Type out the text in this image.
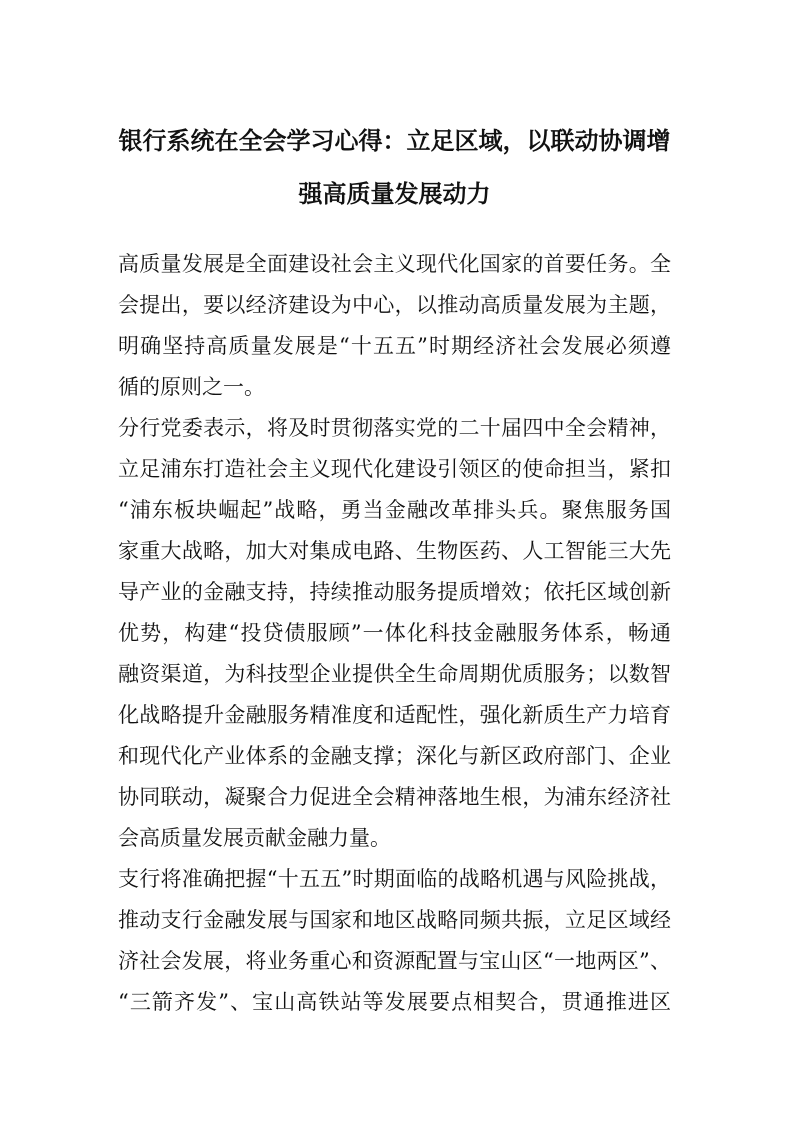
银行系统在全会学习心得：立足区域，以联动协调增
强高质量发展动力
高质量发展是全面建设社会主义现代化国家的首要任务。全
会提出，要以经济建设为中心，以推动高质量发展为主题，
明确坚持高质量发展是“十五五”时期经济社会发展必须遵
循的原则之一。
分行党委表示，将及时贯彻落实党的二十届四中全会精神，
立足浦东打造社会主义现代化建设引领区的使命担当，紧扣
“浦东板块崛起”战略，勇当金融改革排头兵。聚焦服务国
家重大战略，加大对集成电路、生物医药、人工智能三大先
导产业的金融支持，持续推动服务提质增效；依托区域创新
优势，构建“投贷债服顾”一体化科技金融服务体系，畅通
融资渠道，为科技型企业提供全生命周期优质服务；以数智
化战略提升金融服务精准度和适配性，强化新质生产力培育
和现代化产业体系的金融支撑；深化与新区政府部门、企业
协同联动，凝聚合力促进全会精神落地生根，为浦东经济社
会高质量发展贡献金融力量。
支行将准确把握“十五五”时期面临的战略机遇与风险挑战，
推动支行金融发展与国家和地区战略同频共振，立足区域经
济社会发展，将业务重心和资源配置与宝山区“一地两区”、
“三箭齐发”、宝山高铁站等发展要点相契合，贯通推进区
